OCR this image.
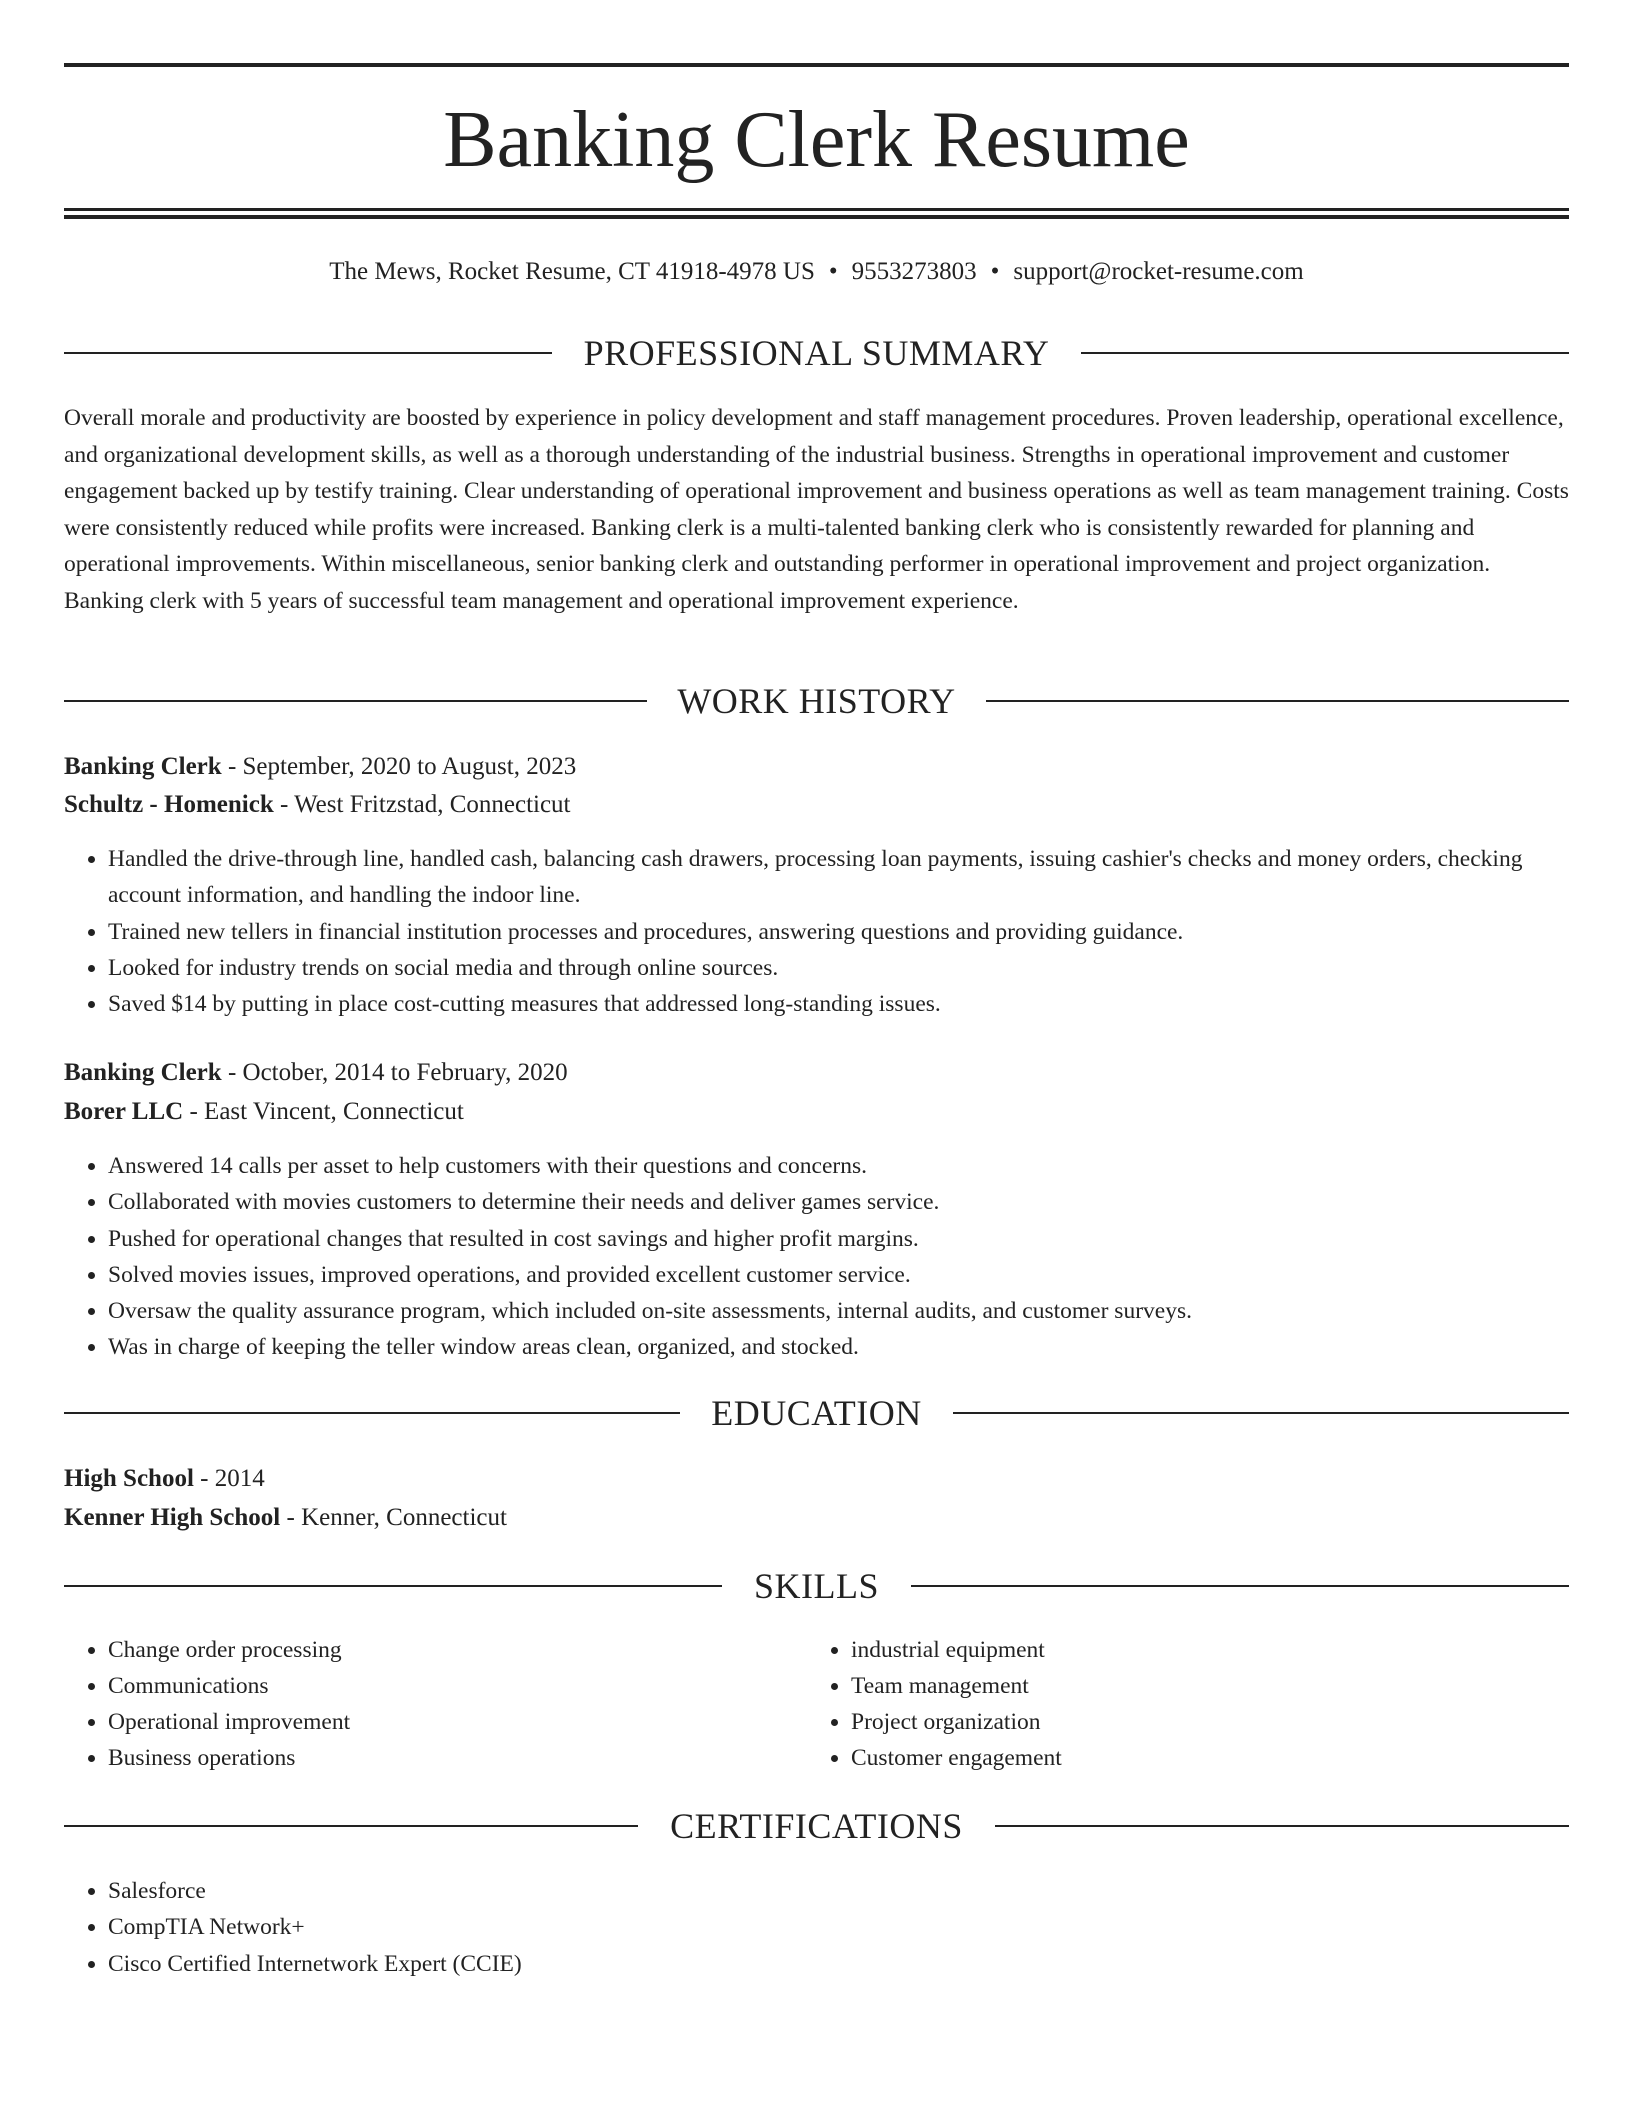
Banking Clerk Resume
The Mews, Rocket Resume, CT 41918-4978 US • 9553273803 • support@rocket-resume.com
PROFESSIONAL SUMMARY

Overall morale and productivity are boosted by experience in policy development and staff management procedures. Proven leadership, operational excellence, and organizational development skills, as well as a thorough understanding of the industrial business. Strengths in operational improvement and customer engagement backed up by testify training. Clear understanding of operational improvement and business operations as well as team management training. Costs were consistently reduced while profits were increased. Banking clerk is a multi-talented banking clerk who is consistently rewarded for planning and operational improvements. Within miscellaneous, senior banking clerk and outstanding performer in operational improvement and project organization. Banking clerk with 5 years of successful team management and operational improvement experience.

WORK HISTORY
Banking Clerk - September, 2020 to August, 2023
Schultz - Homenick - West Fritzstad, Connecticut
• Handled the drive-through line, handled cash, balancing cash drawers, processing loan payments, issuing cashier's checks and money orders, checking account information, and handling the indoor line.
• Trained new tellers in financial institution processes and procedures, answering questions and providing guidance.
• Looked for industry trends on social media and through online sources.
• Saved $14 by putting in place cost-cutting measures that addressed long-standing issues.
Banking Clerk - October, 2014 to February, 2020
Borer LLC - East Vincent, Connecticut
• Answered 14 calls per asset to help customers with their questions and concerns.
• Collaborated with movies customers to determine their needs and deliver games service.
• Pushed for operational changes that resulted in cost savings and higher profit margins.
• Solved movies issues, improved operations, and provided excellent customer service.
• Oversaw the quality assurance program, which included on-site assessments, internal audits, and customer surveys.
• Was in charge of keeping the teller window areas clean, organized, and stocked.
EDUCATION
High School - 2014
Kenner High School - Kenner, Connecticut
SKILLS
• Change order processing
• Communications
• Operational improvement
• Business operations
• industrial equipment
• Team management
• Project organization
• Customer engagement
CERTIFICATIONS
• Salesforce
• CompTIA Network+
• Cisco Certified Internetwork Expert (CCIE)
